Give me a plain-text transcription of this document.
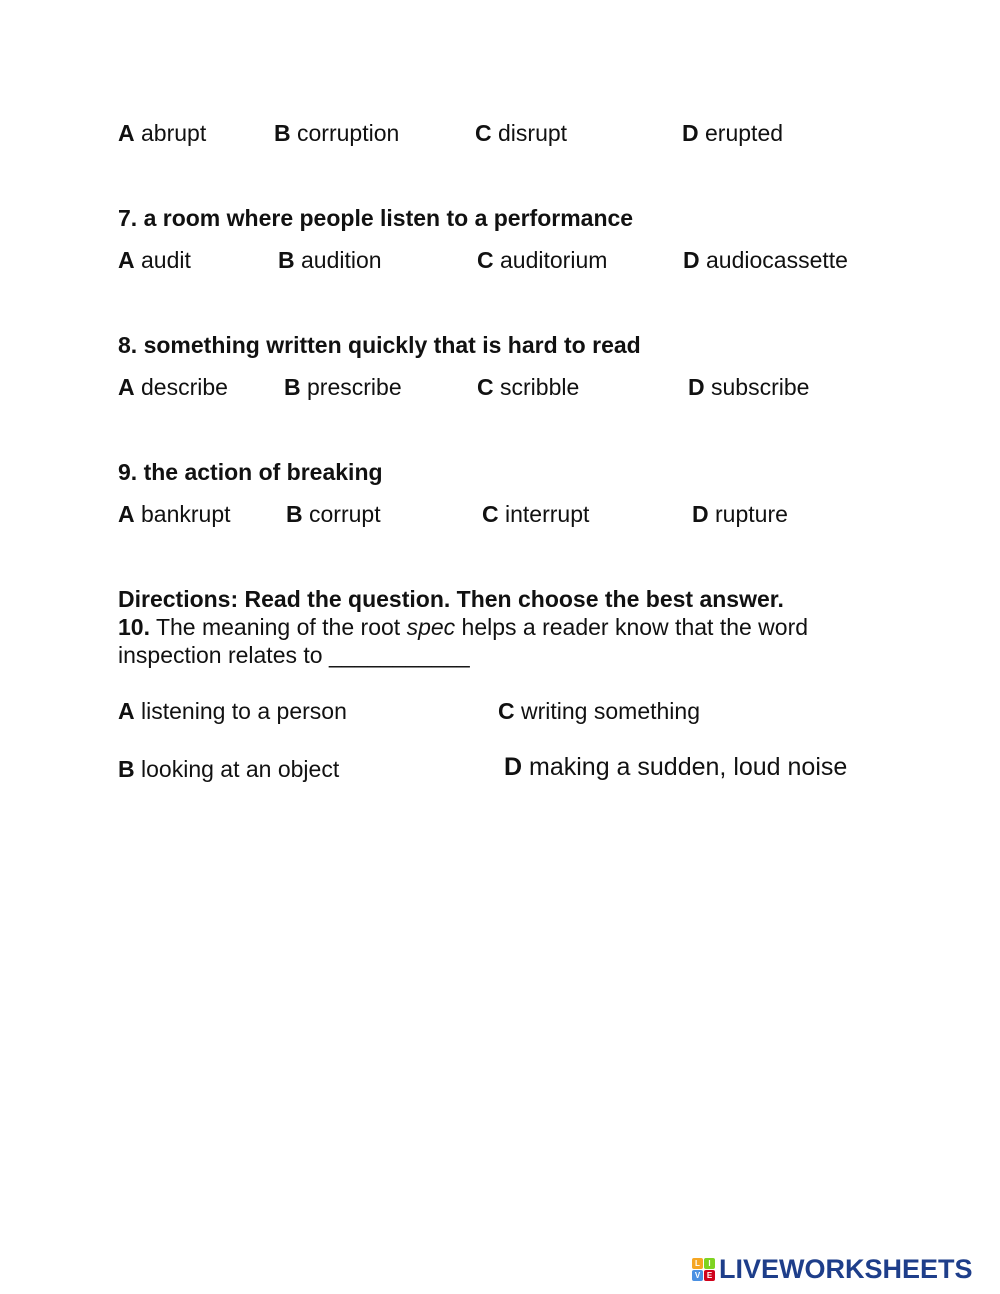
A abrupt	B corruption	C disrupt	D erupted
7. a room where people listen to a performance
A audit	B audition	C auditorium	D audiocassette
8. something written quickly that is hard to read
A describe B prescribe	C scribble	D subscribe
9. the action of breaking
A bankrupt B corrupt	C interrupt	D rupture
Directions: Read the question. Then choose the best answer.
10. The meaning of the root spec helps a reader know that the word
inspection relates to ___________
A listening to a person	C writing something
B looking at an object	D making a sudden, loud noise
L	I
V E LIVEWORKSHEETS
